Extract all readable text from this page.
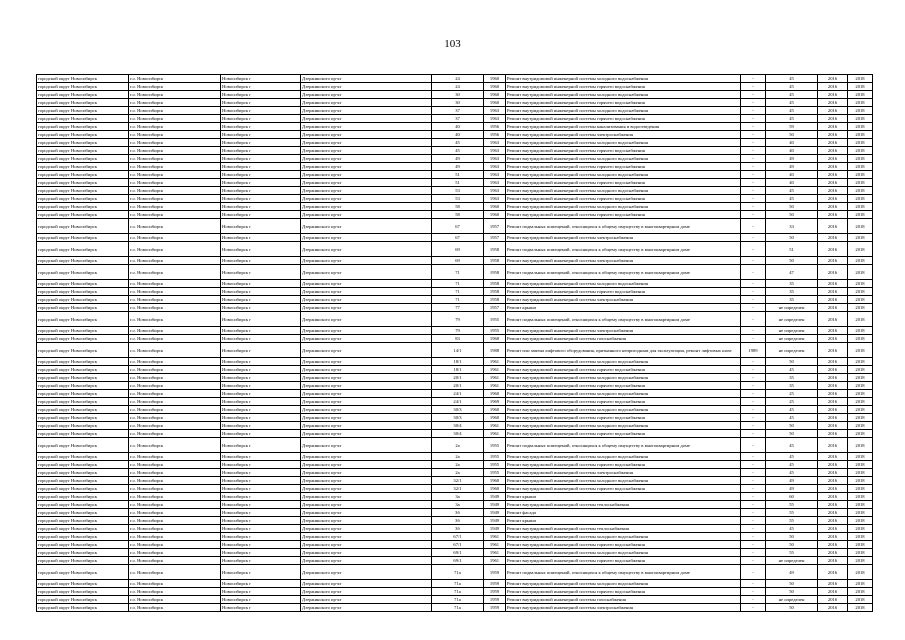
103
городской округ Новосибирск	г.о. Новосибирск	Новосибирск г	Дзержинского пр-кт	24	1960	Ремонт внутридомовой инженерной системы холодного водоснабжения	-	45	2016	2018
городской округ Новосибирск	г.о. Новосибирск	Новосибирск г	Дзержинского пр-кт	24	1960	Ремонт внутридомовой инженерной системы горячего водоснабжения	-	45	2016	2018
городской округ Новосибирск	г.о. Новосибирск	Новосибирск г	Дзержинского пр-кт	30	1960	Ремонт внутридомовой инженерной системы холодного водоснабжения	-	45	2016	2018
городской округ Новосибирск	г.о. Новосибирск	Новосибирск г	Дзержинского пр-кт	30	1960	Ремонт внутридомовой инженерной системы горячего водоснабжения	-	45	2016	2018
городской округ Новосибирск	г.о. Новосибирск	Новосибирск г	Дзержинского пр-кт	37	1963	Ремонт внутридомовой инженерной системы холодного водоснабжения	-	45	2016	2018
городской округ Новосибирск	г.о. Новосибирск	Новосибирск г	Дзержинского пр-кт	37	1963	Ремонт внутридомовой инженерной системы горячего водоснабжения	-	45	2016	2018
городской округ Новосибирск	г.о. Новосибирск	Новосибирск г	Дзержинского пр-кт	40	1956	Ремонт внутридомовой инженерной системы канализования и водоотведения	-	59	2016	2018
городской округ Новосибирск	г.о. Новосибирск	Новосибирск г	Дзержинского пр-кт	40	1956	Ремонт внутридомовой инженерной системы электроснабжения	-	50	2016	2018
городской округ Новосибирск	г.о. Новосибирск	Новосибирск г	Дзержинского пр-кт	45	1963	Ремонт внутридомовой инженерной системы холодного водоснабжения	-	40	2016	2018
городской округ Новосибирск	г.о. Новосибирск	Новосибирск г	Дзержинского пр-кт	45	1963	Ремонт внутридомовой инженерной системы горячего водоснабжения	-	40	2016	2018
городской округ Новосибирск	г.о. Новосибирск	Новосибирск г	Дзержинского пр-кт	49	1963	Ремонт внутридомовой инженерной системы холодного водоснабжения	-	49	2016	2018
городской округ Новосибирск	г.о. Новосибирск	Новосибирск г	Дзержинского пр-кт	49	1963	Ремонт внутридомовой инженерной системы горячего водоснабжения	-	49	2016	2018
городской округ Новосибирск	г.о. Новосибирск	Новосибирск г	Дзержинского пр-кт	51	1963	Ремонт внутридомовой инженерной системы холодного водоснабжения	-	40	2016	2018
городской округ Новосибирск	г.о. Новосибирск	Новосибирск г	Дзержинского пр-кт	51	1963	Ремонт внутридомовой инженерной системы горячего водоснабжения	-	40	2016	2018
городской округ Новосибирск	г.о. Новосибирск	Новосибирск г	Дзержинского пр-кт	53	1963	Ремонт внутридомовой инженерной системы холодного водоснабжения	-	45	2016	2018
городской округ Новосибирск	г.о. Новосибирск	Новосибирск г	Дзержинского пр-кт	53	1963	Ремонт внутридомовой инженерной системы горячего водоснабжения	-	45	2016	2018
городской округ Новосибирск	г.о. Новосибирск	Новосибирск г	Дзержинского пр-кт	58	1960	Ремонт внутридомовой инженерной системы холодного водоснабжения	-	50	2016	2018
городской округ Новосибирск	г.о. Новосибирск	Новосибирск г	Дзержинского пр-кт	58	1960	Ремонт внутридомовой инженерной системы горячего водоснабжения	-	50	2016	2018
городской округ Новосибирск	г.о. Новосибирск	Новосибирск г	Дзержинского пр-кт	67	1957	Ремонт подвальных помещений, относящихся к общему имуществу в многоквартирном доме	-	33	2016	2018
городской округ Новосибирск	г.о. Новосибирск	Новосибирск г	Дзержинского пр-кт	67	1957	Ремонт внутридомовой инженерной системы электроснабжения	-	50	2016	2018
городской округ Новосибирск	г.о. Новосибирск	Новосибирск г	Дзержинского пр-кт	69	1958	Ремонт подвальных помещений, относящихся к общему имуществу в многоквартирном доме	-	51	2016	2018
городской округ Новосибирск	г.о. Новосибирск	Новосибирск г	Дзержинского пр-кт	69	1958	Ремонт внутридомовой инженерной системы электроснабжения	-	50	2016	2018
городской округ Новосибирск	г.о. Новосибирск	Новосибирск г	Дзержинского пр-кт	71	1958	Ремонт подвальных помещений, относящихся к общему имуществу в многоквартирном доме	-	47	2016	2018
городской округ Новосибирск	г.о. Новосибирск	Новосибирск г	Дзержинского пр-кт	71	1958	Ремонт внутридомовой инженерной системы холодного водоснабжения	-	35	2016	2018
городской округ Новосибирск	г.о. Новосибирск	Новосибирск г	Дзержинского пр-кт	71	1958	Ремонт внутридомовой инженерной системы горячего водоснабжения	-	35	2016	2018
городской округ Новосибирск	г.о. Новосибирск	Новосибирск г	Дзержинского пр-кт	71	1958	Ремонт внутридомовой инженерной системы электроснабжения	-	35	2016	2018
городской округ Новосибирск	г.о. Новосибирск	Новосибирск г	Дзержинского пр-кт	77	1957	Ремонт крыши	-	не определен	2016	2018
городской округ Новосибирск	г.о. Новосибирск	Новосибирск г	Дзержинского пр-кт	79	1955	Ремонт подвальных помещений, относящихся к общему имуществу в многоквартирном доме	-	не определен	2016	2018
городской округ Новосибирск	г.о. Новосибирск	Новосибирск г	Дзержинского пр-кт	79	1955	Ремонт внутридомовой инженерной системы электроснабжения	-	не определен	2016	2018
городской округ Новосибирск	г.о. Новосибирск	Новосибирск г	Дзержинского пр-кт	83	1968	Ремонт внутридомовой инженерной системы газоснабжения	-	не определен	2016	2018
городской округ Новосибирск	г.о. Новосибирск	Новосибирск г	Дзержинского пр-кт	14/1	1988	Ремонт или замена лифтового оборудования, признанного непригодным для эксплуатации, ремонт лифтовых шахт	1989	не определен	2016	2018
городской округ Новосибирск	г.о. Новосибирск	Новосибирск г	Дзержинского пр-кт	18/1	1961	Ремонт внутридомовой инженерной системы холодного водоснабжения	-	50	2016	2018
городской округ Новосибирск	г.о. Новосибирск	Новосибирск г	Дзержинского пр-кт	18/1	1961	Ремонт внутридомовой инженерной системы горячего водоснабжения	-	45	2016	2018
городской округ Новосибирск	г.о. Новосибирск	Новосибирск г	Дзержинского пр-кт	20/1	1961	Ремонт внутридомовой инженерной системы холодного водоснабжения	-	35	2016	2018
городской округ Новосибирск	г.о. Новосибирск	Новосибирск г	Дзержинского пр-кт	20/1	1961	Ремонт внутридомовой инженерной системы горячего водоснабжения	-	35	2016	2018
городской округ Новосибирск	г.о. Новосибирск	Новосибирск г	Дзержинского пр-кт	24/1	1960	Ремонт внутридомовой инженерной системы холодного водоснабжения	-	25	2016	2018
городской округ Новосибирск	г.о. Новосибирск	Новосибирск г	Дзержинского пр-кт	24/1	1969	Ремонт внутридомовой инженерной системы горячего водоснабжения	-	25	2016	2018
городской округ Новосибирск	г.о. Новосибирск	Новосибирск г	Дзержинского пр-кт	30/3	1960	Ремонт внутридомовой инженерной системы холодного водоснабжения	-	45	2016	2018
городской округ Новосибирск	г.о. Новосибирск	Новосибирск г	Дзержинского пр-кт	30/3	1960	Ремонт внутридомовой инженерной системы горячего водоснабжения	-	45	2016	2018
городской округ Новосибирск	г.о. Новосибирск	Новосибирск г	Дзержинского пр-кт	30/4	1961	Ремонт внутридомовой инженерной системы холодного водоснабжения	-	50	2016	2018
городской округ Новосибирск	г.о. Новосибирск	Новосибирск г	Дзержинского пр-кт	30/4	1961	Ремонт внутридомовой инженерной системы горячего водоснабжения	-	50	2016	2018
городской округ Новосибирск	г.о. Новосибирск	Новосибирск г	Дзержинского пр-кт	2а	1955	Ремонт подвальных помещений, относящихся к общему имуществу в многоквартирном доме	-	45	2016	2018
городской округ Новосибирск	г.о. Новосибирск	Новосибирск г	Дзержинского пр-кт	2а	1955	Ремонт внутридомовой инженерной системы холодного водоснабжения	-	45	2016	2018
городской округ Новосибирск	г.о. Новосибирск	Новосибирск г	Дзержинского пр-кт	2а	1955	Ремонт внутридомовой инженерной системы горячего водоснабжения	-	45	2016	2018
городской округ Новосибирск	г.о. Новосибирск	Новосибирск г	Дзержинского пр-кт	2а	1955	Ремонт внутридомовой инженерной системы электроснабжения	-	45	2016	2018
городской округ Новосибирск	г.о. Новосибирск	Новосибирск г	Дзержинского пр-кт	32/1	1960	Ремонт внутридомовой инженерной системы холодного водоснабжения	-	49	2016	2018
городской округ Новосибирск	г.о. Новосибирск	Новосибирск г	Дзержинского пр-кт	32/1	1960	Ремонт внутридомовой инженерной системы горячего водоснабжения	-	49	2016	2018
городской округ Новосибирск	г.о. Новосибирск	Новосибирск г	Дзержинского пр-кт	3а	1949	Ремонт крыши	-	60	2016	2018
городской округ Новосибирск	г.о. Новосибирск	Новосибирск г	Дзержинского пр-кт	3а	1949	Ремонт внутридомовой инженерной системы теплоснабжения	-	55	2016	2018
городской округ Новосибирск	г.о. Новосибирск	Новосибирск г	Дзержинского пр-кт	3б	1949	Ремонт фасада	-	55	2016	2018
городской округ Новосибирск	г.о. Новосибирск	Новосибирск г	Дзержинского пр-кт	3б	1949	Ремонт крыши	-	55	2016	2018
городской округ Новосибирск	г.о. Новосибирск	Новосибирск г	Дзержинского пр-кт	3б	1949	Ремонт внутридомовой инженерной системы теплоснабжения	-	45	2016	2018
городской округ Новосибирск	г.о. Новосибирск	Новосибирск г	Дзержинского пр-кт	67/1	1961	Ремонт внутридомовой инженерной системы холодного водоснабжения	-	50	2016	2018
городской округ Новосибирск	г.о. Новосибирск	Новосибирск г	Дзержинского пр-кт	67/1	1961	Ремонт внутридомовой инженерной системы горячего водоснабжения	-	50	2016	2018
городской округ Новосибирск	г.о. Новосибирск	Новосибирск г	Дзержинского пр-кт	69/1	1961	Ремонт внутридомовой инженерной системы холодного водоснабжения	-	55	2016	2018
городской округ Новосибирск	г.о. Новосибирск	Новосибирск г	Дзержинского пр-кт	69/1	1961	Ремонт внутридомовой инженерной системы горячего водоснабжения	-	не определен	2016	2018
городской округ Новосибирск	г.о. Новосибирск	Новосибирск г	Дзержинского пр-кт	71а	1959	Ремонт подвальных помещений, относящихся к общему имуществу в многоквартирном доме	-	49	2016	2018
городской округ Новосибирск	г.о. Новосибирск	Новосибирск г	Дзержинского пр-кт	71а	1959	Ремонт внутридомовой инженерной системы холодного водоснабжения	-	50	2016	2018
городской округ Новосибирск	г.о. Новосибирск	Новосибирск г	Дзержинского пр-кт	71а	1959	Ремонт внутридомовой инженерной системы горячего водоснабжения	-	50	2016	2018
городской округ Новосибирск	г.о. Новосибирск	Новосибирск г	Дзержинского пр-кт	71а	1959	Ремонт внутридомовой инженерной системы газоснабжения	-	не определен	2016	2018
городской округ Новосибирск	г.о. Новосибирск	Новосибирск г	Дзержинского пр-кт	71а	1959	Ремонт внутридомовой инженерной системы электроснабжения	-	50	2016	2018
